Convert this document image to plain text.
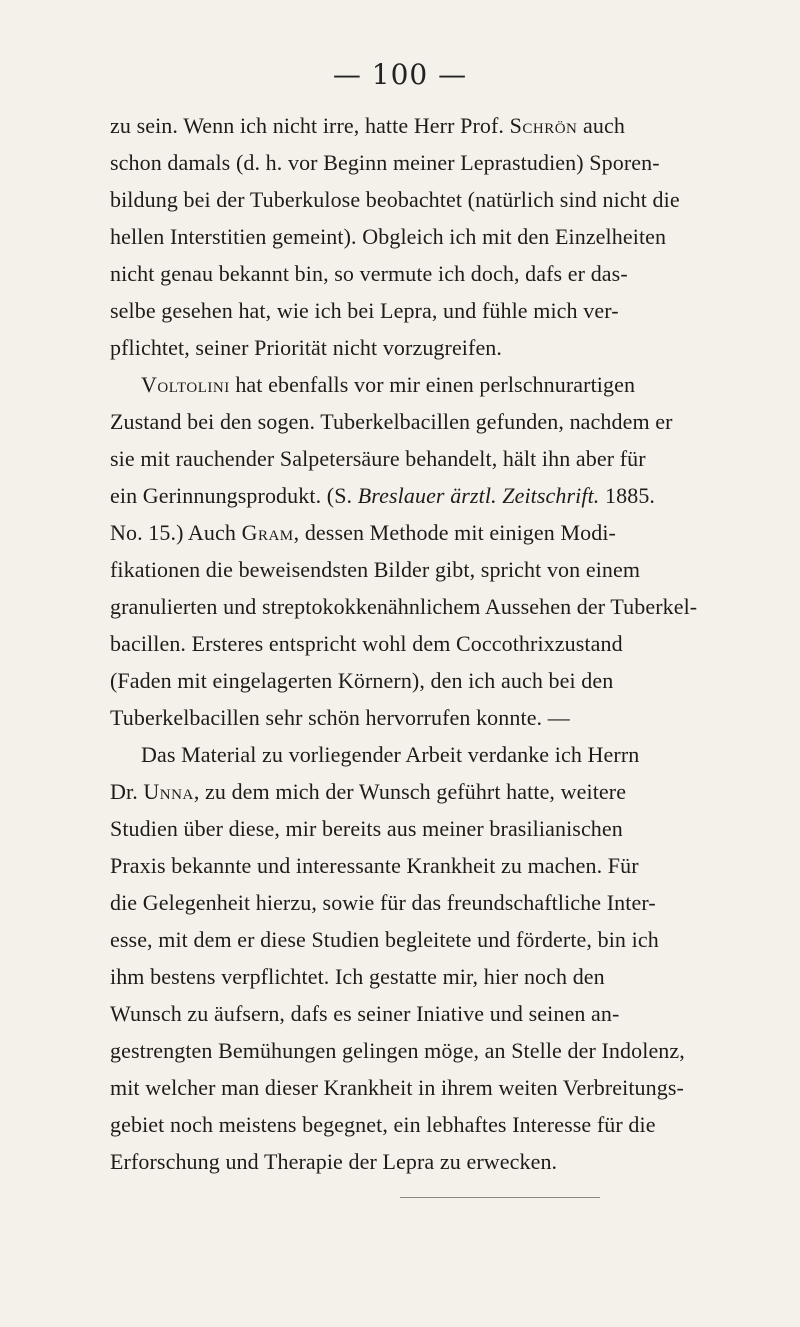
— 100 —
zu sein. Wenn ich nicht irre, hatte Herr Prof. Schrön auch
schon damals (d. h. vor Beginn meiner Leprastudien) Sporen-
bildung bei der Tuberkulose beobachtet (natürlich sind nicht die
hellen Interstitien gemeint). Obgleich ich mit den Einzelheiten
nicht genau bekannt bin, so vermute ich doch, dafs er das-
selbe gesehen hat, wie ich bei Lepra, und fühle mich ver-
pflichtet, seiner Priorität nicht vorzugreifen.
Voltolini hat ebenfalls vor mir einen perlschnurartigen
Zustand bei den sogen. Tuberkelbacillen gefunden, nachdem er
sie mit rauchender Salpetersäure behandelt, hält ihn aber für
ein Gerinnungsprodukt. (S. Breslauer ärztl. Zeitschrift. 1885.
No. 15.) Auch Gram, dessen Methode mit einigen Modi-
fikationen die beweisendsten Bilder gibt, spricht von einem
granulierten und streptokokkenähnlichem Aussehen der Tuberkel-
bacillen. Ersteres entspricht wohl dem Coccothrixzustand
(Faden mit eingelagerten Körnern), den ich auch bei den
Tuberkelbacillen sehr schön hervorrufen konnte. —
Das Material zu vorliegender Arbeit verdanke ich Herrn
Dr. Unna, zu dem mich der Wunsch geführt hatte, weitere
Studien über diese, mir bereits aus meiner brasilianischen
Praxis bekannte und interessante Krankheit zu machen. Für
die Gelegenheit hierzu, sowie für das freundschaftliche Inter-
esse, mit dem er diese Studien begleitete und förderte, bin ich
ihm bestens verpflichtet. Ich gestatte mir, hier noch den
Wunsch zu äufsern, dafs es seiner Iniative und seinen an-
gestrengten Bemühungen gelingen möge, an Stelle der Indolenz,
mit welcher man dieser Krankheit in ihrem weiten Verbreitungs-
gebiet noch meistens begegnet, ein lebhaftes Interesse für die
Erforschung und Therapie der Lepra zu erwecken.
